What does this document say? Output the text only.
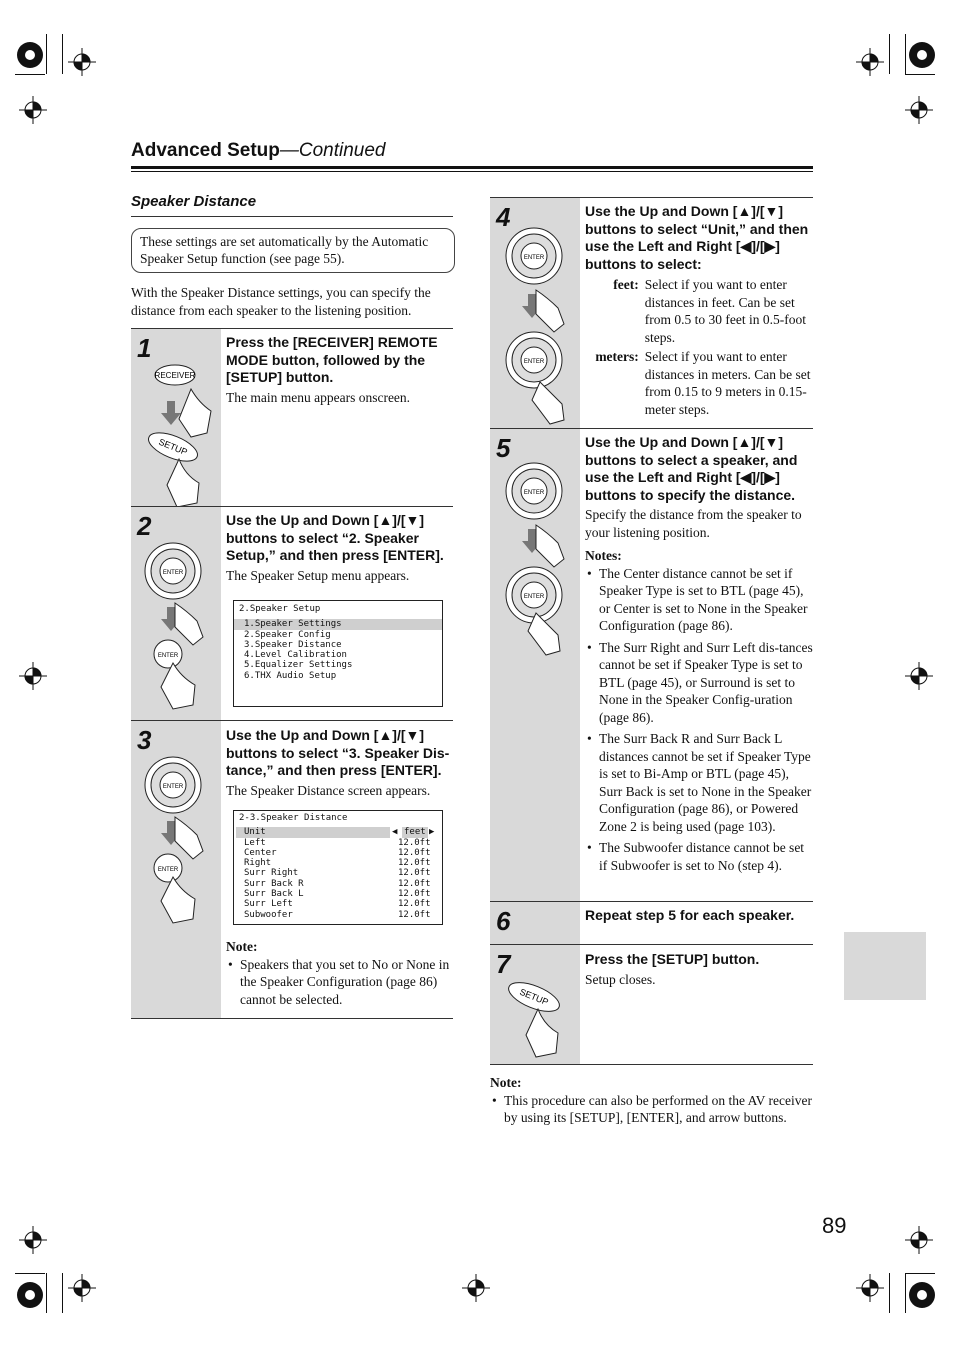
Advanced Setup—Continued
Speaker Distance
These settings are set automatically by the Automatic Speaker Setup function (see page 55).
With the Speaker Distance settings, you can specify the distance from each speaker to the listening position.
1
RECEIVER
SETUP
Press the [RECEIVER] REMOTE MODE button, followed by the [SETUP] button.
The main menu appears onscreen.
2
ENTER
ENTER
Use the Up and Down [▲]/[▼] buttons to select “2. Speaker Setup,” and then press [ENTER].
The Speaker Setup menu appears.
2.Speaker Setup
1.Speaker Settings
2.Speaker Config
3.Speaker Distance
4.Level Calibration
5.Equalizer Settings
6.THX Audio Setup
3
ENTER
ENTER
Use the Up and Down [▲]/[▼] buttons to select “3. Speaker Dis-tance,” and then press [ENTER].
The Speaker Distance screen appears.
2-3.Speaker Distance
Unit	◀ feet ▶
Left	12.0ft
Center	12.0ft
Right	12.0ft
Surr Right	12.0ft
Surr Back R	12.0ft
Surr Back L	12.0ft
Surr Left	12.0ft
Subwoofer	12.0ft
Note:
• Speakers that you set to No or None in the Speaker Configuration (page 86) cannot be selected.
4
ENTER
ENTER
Use the Up and Down [▲]/[▼] buttons to select “Unit,” and then use the Left and Right [◀]/[▶] buttons to select:
feet: Select if you want to enter distances in feet. Can be set from 0.5 to 30 feet in 0.5-foot steps.
meters: Select if you want to enter distances in meters. Can be set from 0.15 to 9 meters in 0.15-meter steps.
5
ENTER
ENTER
Use the Up and Down [▲]/[▼] buttons to select a speaker, and use the Left and Right [◀]/[▶] buttons to specify the distance.
Specify the distance from the speaker to your listening position.
Notes:
• The Center distance cannot be set if Speaker Type is set to BTL (page 45), or Center is set to None in the Speaker Configuration (page 86).
• The Surr Right and Surr Left dis-tances cannot be set if Speaker Type is set to BTL (page 45), or Surround is set to None in the Speaker Config-uration (page 86).
• The Surr Back R and Surr Back L distances cannot be set if Speaker Type is set to Bi-Amp or BTL (page 45), Surr Back is set to None in the Speaker Configuration (page 86), or Powered Zone 2 is being used (page 103).
• The Subwoofer distance cannot be set if Subwoofer is set to No (step 4).
6	Repeat step 5 for each speaker.
7
SETUP
Press the [SETUP] button.
Setup closes.
Note:
• This procedure can also be performed on the AV receiver by using its [SETUP], [ENTER], and arrow buttons.
89
